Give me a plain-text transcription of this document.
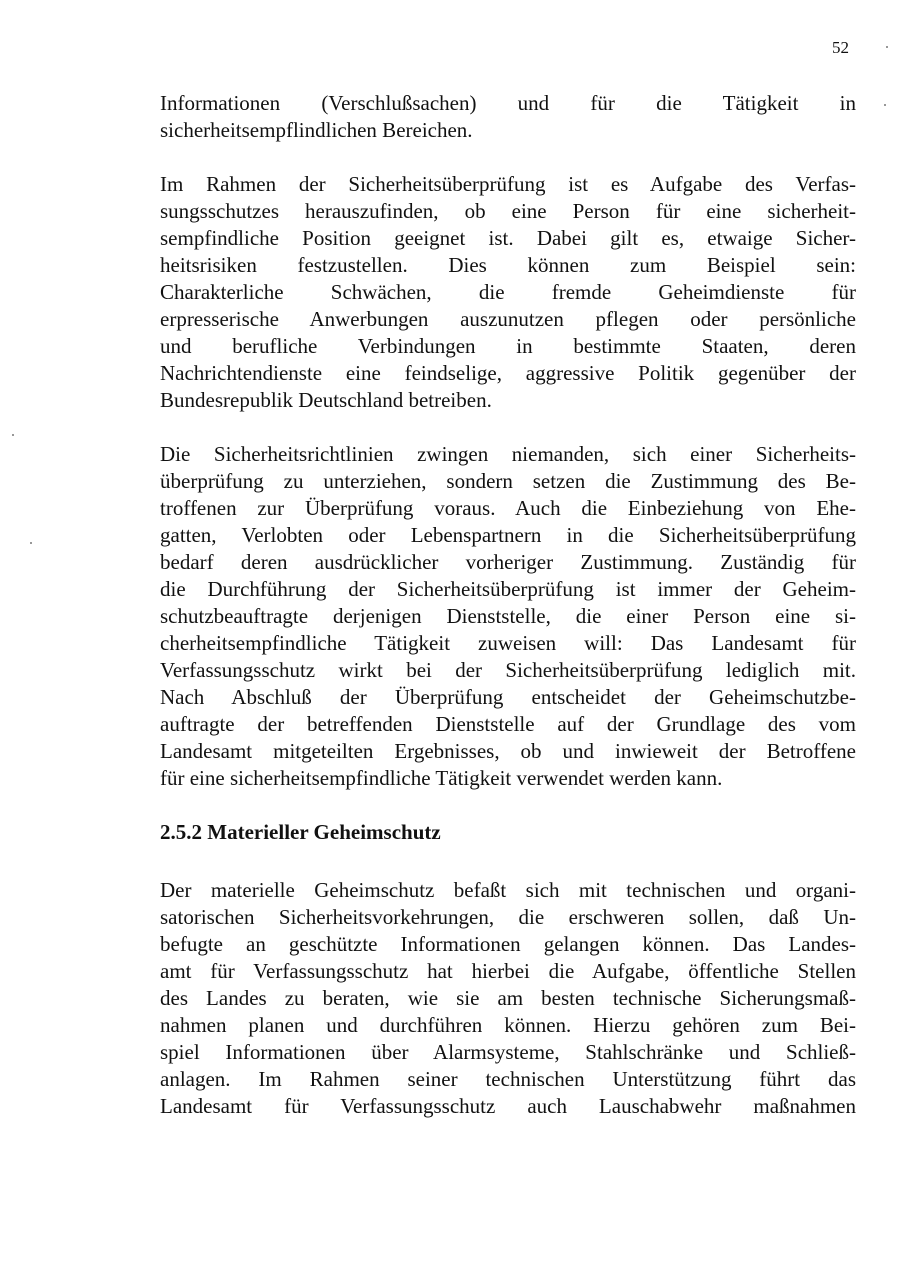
52

Informationen (Verschlußsachen) und für die Tätigkeit in
sicherheitsempflindlichen Bereichen.

Im Rahmen der Sicherheitsüberprüfung ist es Aufgabe des Verfas-
sungsschutzes herauszufinden, ob eine Person für eine sicherheit-
sempfindliche Position geeignet ist. Dabei gilt es, etwaige Sicher-
heitsrisiken festzustellen. Dies können zum Beispiel sein:
Charakterliche Schwächen, die fremde Geheimdienste für
erpresserische Anwerbungen auszunutzen pflegen oder persönliche
und berufliche Verbindungen in bestimmte Staaten, deren
Nachrichtendienste eine feindselige, aggressive Politik gegenüber der
Bundesrepublik Deutschland betreiben.

Die Sicherheitsrichtlinien zwingen niemanden, sich einer Sicherheits-
überprüfung zu unterziehen, sondern setzen die Zustimmung des Be-
troffenen zur Überprüfung voraus. Auch die Einbeziehung von Ehe-
gatten, Verlobten oder Lebenspartnern in die Sicherheitsüberprüfung
bedarf deren ausdrücklicher vorheriger Zustimmung. Zuständig für
die Durchführung der Sicherheitsüberprüfung ist immer der Geheim-
schutzbeauftragte derjenigen Dienststelle, die einer Person eine si-
cherheitsempfindliche Tätigkeit zuweisen will: Das Landesamt für
Verfassungsschutz wirkt bei der Sicherheitsüberprüfung lediglich mit.
Nach Abschluß der Überprüfung entscheidet der Geheimschutzbe-
auftragte der betreffenden Dienststelle auf der Grundlage des vom
Landesamt mitgeteilten Ergebnisses, ob und inwieweit der Betroffene
für eine sicherheitsempfindliche Tätigkeit verwendet werden kann.

2.5.2 Materieller Geheimschutz

Der materielle Geheimschutz befaßt sich mit technischen und organi-
satorischen Sicherheitsvorkehrungen, die erschweren sollen, daß Un-
befugte an geschützte Informationen gelangen können. Das Landes-
amt für Verfassungsschutz hat hierbei die Aufgabe, öffentliche Stellen
des Landes zu beraten, wie sie am besten technische Sicherungsmaß-
nahmen planen und durchführen können. Hierzu gehören zum Bei-
spiel Informationen über Alarmsysteme, Stahlschränke und Schließ-
anlagen. Im Rahmen seiner technischen Unterstützung führt das
Landesamt für Verfassungsschutz auch Lauschabwehr maßnahmen
